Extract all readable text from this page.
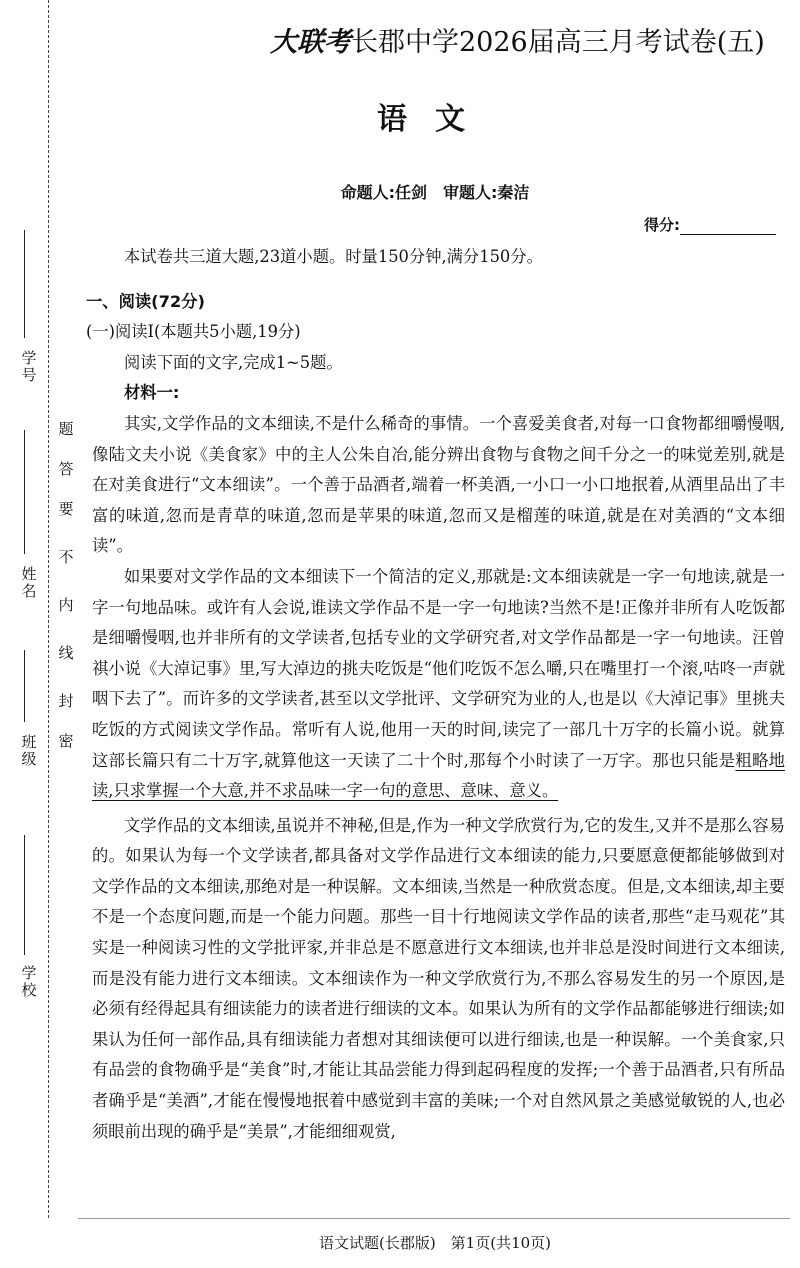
学 号
姓 名
班 级
学 校
密
封
线
内
不
要
答
题
大联考长郡中学2026届高三月考试卷(五)
语文
命题人:任剑　审题人:秦洁
得分:

本试卷共三道大题,23道小题。时量150分钟,满分150分。

一、阅读(72分)

(一)阅读Ⅰ(本题共5小题,19分)

阅读下面的文字,完成1~5题。

材料一:

其实,文学作品的文本细读,不是什么稀奇的事情。一个喜爱美食者,对每一口食物都细嚼慢咽,像陆文夫小说《美食家》中的主人公朱自冶,能分辨出食物与食物之间千分之一的味觉差别,就是在对美食进行“文本细读”。一个善于品酒者,端着一杯美酒,一小口一小口地抿着,从酒里品出了丰富的味道,忽而是青草的味道,忽而是苹果的味道,忽而又是榴莲的味道,就是在对美酒的“文本细读”。

如果要对文学作品的文本细读下一个简洁的定义,那就是:文本细读就是一字一句地读,就是一字一句地品味。或许有人会说,谁读文学作品不是一字一句地读?当然不是!正像并非所有人吃饭都是细嚼慢咽,也并非所有的文学读者,包括专业的文学研究者,对文学作品都是一字一句地读。汪曾祺小说《大淖记事》里,写大淖边的挑夫吃饭是“他们吃饭不怎么嚼,只在嘴里打一个滚,咕咚一声就咽下去了”。而许多的文学读者,甚至以文学批评、文学研究为业的人,也是以《大淖记事》里挑夫吃饭的方式阅读文学作品。常听有人说,他用一天的时间,读完了一部几十万字的长篇小说。就算这部长篇只有二十万字,就算他这一天读了二十个时,那每个小时读了一万字。那也只能是粗略地读,只求掌握一个大意,并不求品味一字一句的意思、意味、意义。

文学作品的文本细读,虽说并不神秘,但是,作为一种文学欣赏行为,它的发生,又并不是那么容易的。如果认为每一个文学读者,都具备对文学作品进行文本细读的能力,只要愿意便都能够做到对文学作品的文本细读,那绝对是一种误解。文本细读,当然是一种欣赏态度。但是,文本细读,却主要不是一个态度问题,而是一个能力问题。那些一目十行地阅读文学作品的读者,那些“走马观花”其实是一种阅读习性的文学批评家,并非总是不愿意进行文本细读,也并非总是没时间进行文本细读,而是没有能力进行文本细读。文本细读作为一种文学欣赏行为,不那么容易发生的另一个原因,是必须有经得起具有细读能力的读者进行细读的文本。如果认为所有的文学作品都能够进行细读;如果认为任何一部作品,具有细读能力者想对其细读便可以进行细读,也是一种误解。一个美食家,只有品尝的食物确乎是“美食”时,才能让其品尝能力得到起码程度的发挥;一个善于品酒者,只有所品者确乎是“美酒”,才能在慢慢地抿着中感觉到丰富的美味;一个对自然风景之美感觉敏锐的人,也必须眼前出现的确乎是“美景”,才能细细观赏,

语文试题(长郡版)　第1页(共10页)
